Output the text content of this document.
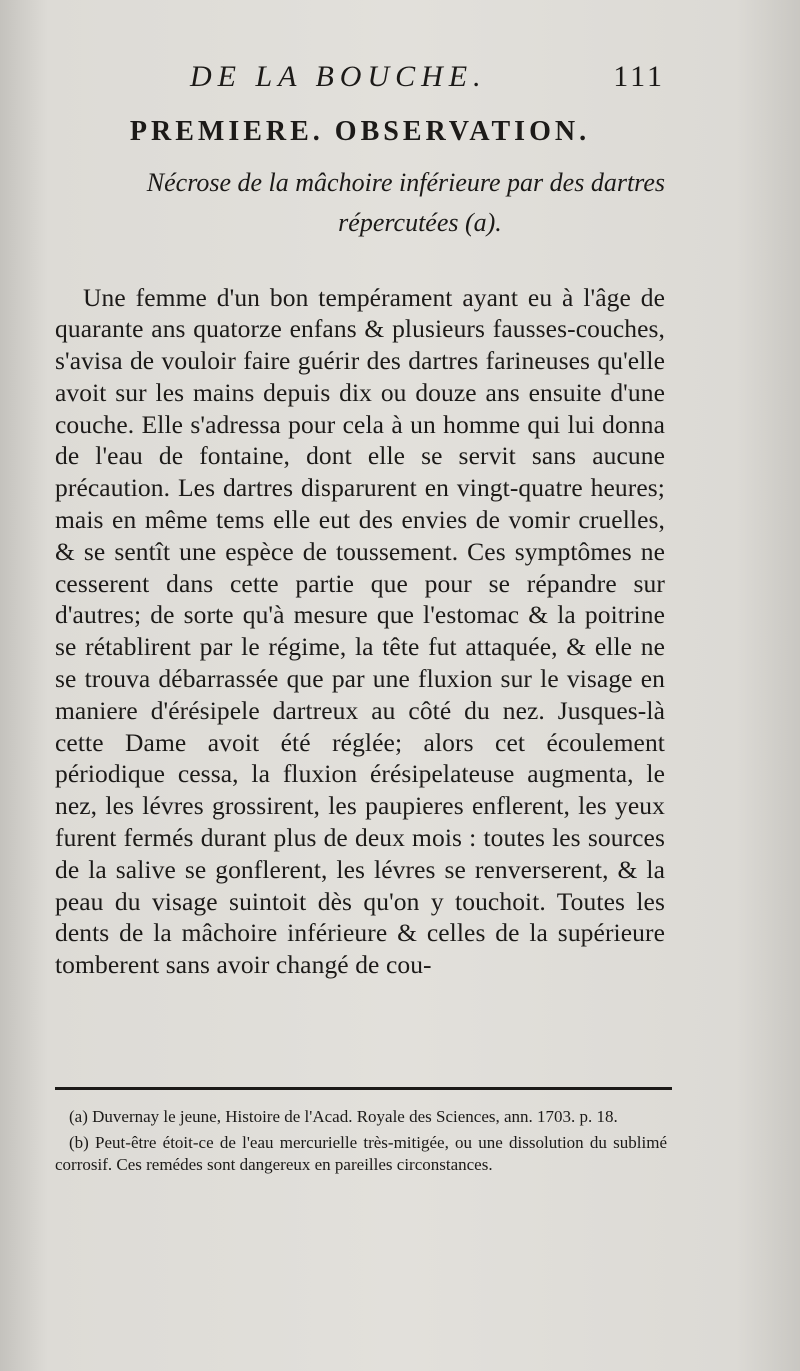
DE LA BOUCHE.	111
PREMIERE. OBSERVATION.
Nécrose de la mâchoire inférieure par des dartres
répercutées (a).

Une femme d'un bon tempérament ayant eu à l'âge de quarante ans quatorze enfans & plusieurs fausses-couches, s'avisa de vouloir faire guérir des dartres farineuses qu'elle avoit sur les mains depuis dix ou douze ans ensuite d'une couche. Elle s'adressa pour cela à un homme qui lui donna de l'eau de fontaine, dont elle se servit sans aucune précaution. Les dartres disparurent en vingt-quatre heures; mais en même tems elle eut des envies de vomir cruelles, & se sentît une espèce de toussement. Ces symptômes ne cesserent dans cette partie que pour se répandre sur d'autres; de sorte qu'à mesure que l'estomac & la poitrine se rétablirent par le régime, la tête fut attaquée, & elle ne se trouva débarrassée que par une fluxion sur le visage en maniere d'érésipele dartreux au côté du nez. Jusques-là cette Dame avoit été réglée; alors cet écoulement périodique cessa, la fluxion érésipelateuse augmenta, le nez, les lévres grossirent, les paupieres enflerent, les yeux furent fermés durant plus de deux mois : toutes les sources de la salive se gonflerent, les lévres se renverserent, & la peau du visage suintoit dès qu'on y touchoit. Toutes les dents de la mâchoire inférieure & celles de la supérieure tomberent sans avoir changé de cou-

(a) Duvernay le jeune, Histoire de l'Acad. Royale des Sciences, ann. 1703. p. 18.

(b) Peut-être étoit-ce de l'eau mercurielle très-mitigée, ou une dissolution du sublimé corrosif. Ces remédes sont dangereux en pareilles circonstances.
